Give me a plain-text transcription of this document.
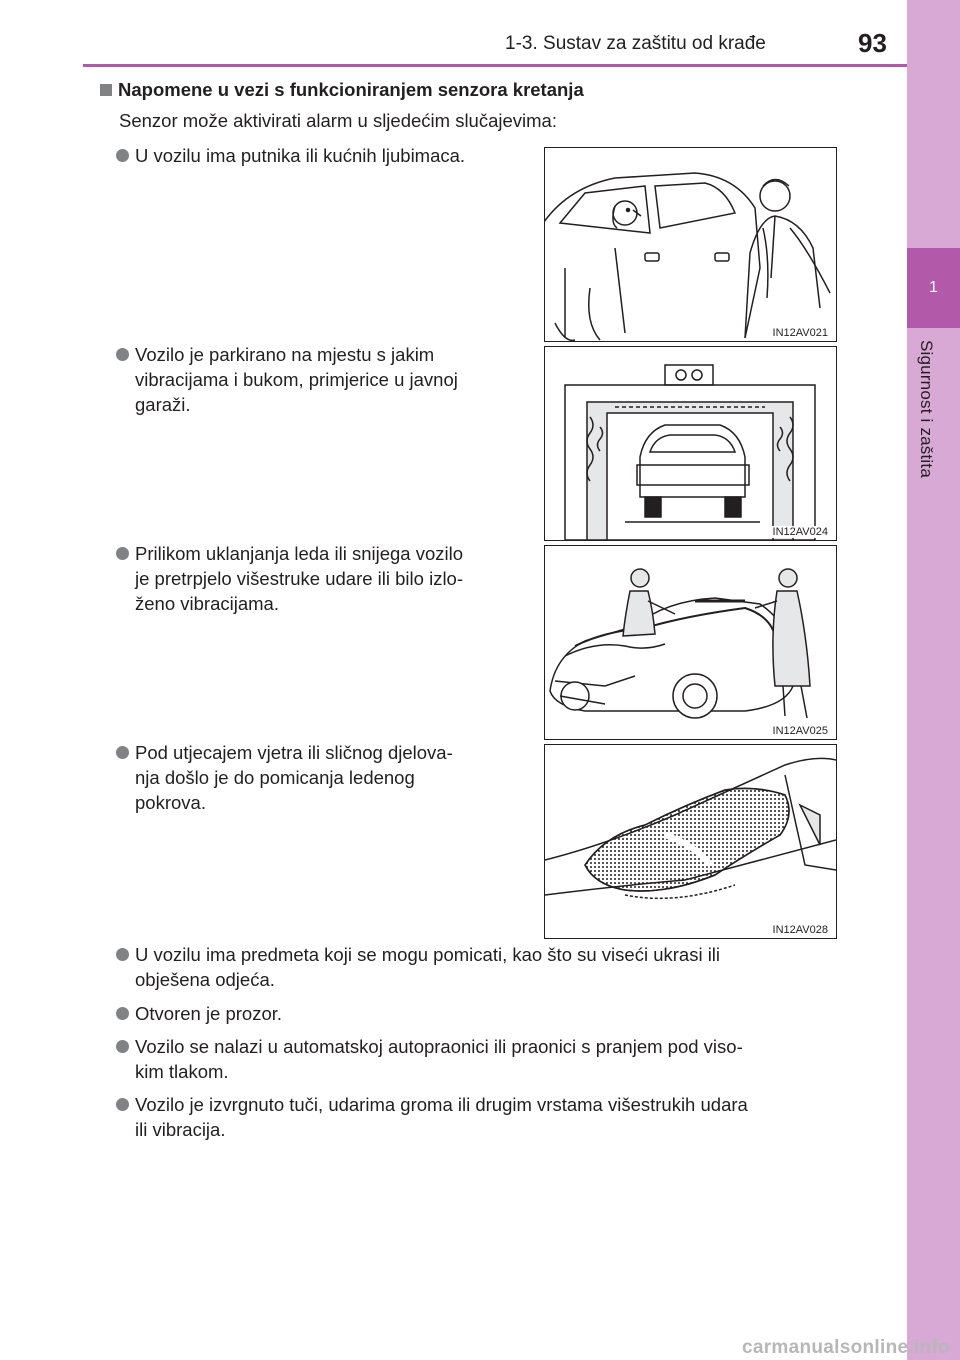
1
Sigurnost i zaštita
1-3. Sustav za zaštitu od krađe	93
Napomene u vezi s funkcioniranjem senzora kretanja
Senzor može aktivirati alarm u sljedećim slučajevima:
U vozilu ima putnika ili kućnih ljubimaca.
IN12AV021
Vozilo je parkirano na mjestu s jakim
vibracijama i bukom, primjerice u javnoj
garaži.
IN12AV024
Prilikom uklanjanja leda ili snijega vozilo
je pretrpjelo višestruke udare ili bilo izlo-
ženo vibracijama.
IN12AV025
Pod utjecajem vjetra ili sličnog djelova-
nja došlo je do pomicanja ledenog
pokrova.
IN12AV028
U vozilu ima predmeta koji se mogu pomicati, kao što su viseći ukrasi ili
obješena odjeća.
Otvoren je prozor.
Vozilo se nalazi u automatskoj autopraonici ili praonici s pranjem pod viso-
kim tlakom.
Vozilo je izvrgnuto tuči, udarima groma ili drugim vrstama višestrukih udara
ili vibracija.
carmanualsonline.info
